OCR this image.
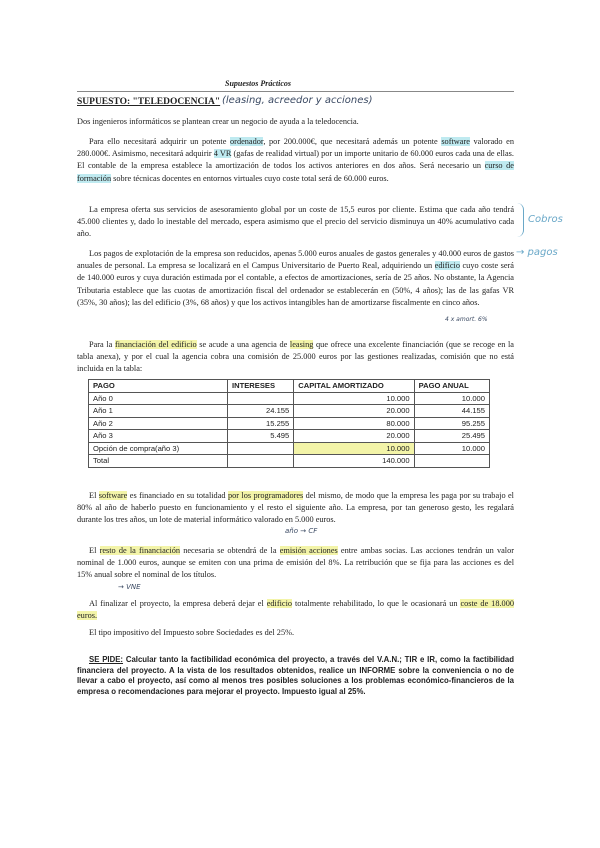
Supuestos Prácticos
SUPUESTO: "TELEDOCENCIA" (leasing, acreedor y acciones)
Dos ingenieros informáticos se plantean crear un negocio de ayuda a la teledocencia.
Para ello necesitará adquirir un potente ordenador, por 200.000€, que necesitará además un potente software valorado en 280.000€. Asimismo, necesitará adquirir 4 VR (gafas de realidad virtual) por un importe unitario de 60.000 euros cada una de ellas. El contable de la empresa establece la amortización de todos los activos anteriores en dos años. Será necesario un curso de formación sobre técnicas docentes en entornos virtuales cuyo coste total será de 60.000 euros.
La empresa oferta sus servicios de asesoramiento global por un coste de 15,5 euros por cliente. Estima que cada año tendrá 45.000 clientes y, dado lo inestable del mercado, espera asimismo que el precio del servicio disminuya un 40% acumulativo cada año.
Cobros
Los pagos de explotación de la empresa son reducidos, apenas 5.000 euros anuales de gastos generales y 40.000 euros de gastos anuales de personal. La empresa se localizará en el Campus Universitario de Puerto Real, adquiriendo un edificio cuyo coste será de 140.000 euros y cuya duración estimada por el contable, a efectos de amortizaciones, sería de 25 años. No obstante, la Agencia Tributaria establece que las cuotas de amortización fiscal del ordenador se establecerán en (50%, 4 años); las de las gafas VR (35%, 30 años); las del edificio (3%, 68 años) y que los activos intangibles han de amortizarse fiscalmente en cinco años.
→ pagos
4 x amort. 6%
Para la financiación del edificio se acude a una agencia de leasing que ofrece una excelente financiación (que se recoge en la tabla anexa), y por el cual la agencia cobra una comisión de 25.000 euros por las gestiones realizadas, comisión que no está incluida en la tabla:
PAGO	INTERESES	CAPITAL AMORTIZADO	PAGO ANUAL
Año 0		10.000	10.000
Año 1	24.155	20.000	44.155
Año 2	15.255	80.000	95.255
Año 3	5.495	20.000	25.495
Opción de compra(año 3)		10.000	10.000
Total		140.000	
El software es financiado en su totalidad por los programadores del mismo, de modo que la empresa les paga por su trabajo el 80% al año de haberlo puesto en funcionamiento y el resto el siguiente año. La empresa, por tan generoso gesto, les regalará durante los tres años, un lote de material informático valorado en 5.000 euros.
año → CF
El resto de la financiación necesaria se obtendrá de la emisión acciones entre ambas socias. Las acciones tendrán un valor nominal de 1.000 euros, aunque se emiten con una prima de emisión del 8%. La retribución que se fija para las acciones es del 15% anual sobre el nominal de los títulos.
→ VNE
Al finalizar el proyecto, la empresa deberá dejar el edificio totalmente rehabilitado, lo que le ocasionará un coste de 18.000 euros.
El tipo impositivo del Impuesto sobre Sociedades es del 25%.
SE PIDE: Calcular tanto la factibilidad económica del proyecto, a través del V.A.N.; TIR e IR, como la factibilidad financiera del proyecto. A la vista de los resultados obtenidos, realice un INFORME sobre la conveniencia o no de llevar a cabo el proyecto, así como al menos tres posibles soluciones a los problemas económico-financieros de la empresa o recomendaciones para mejorar el proyecto. Impuesto igual al 25%.
